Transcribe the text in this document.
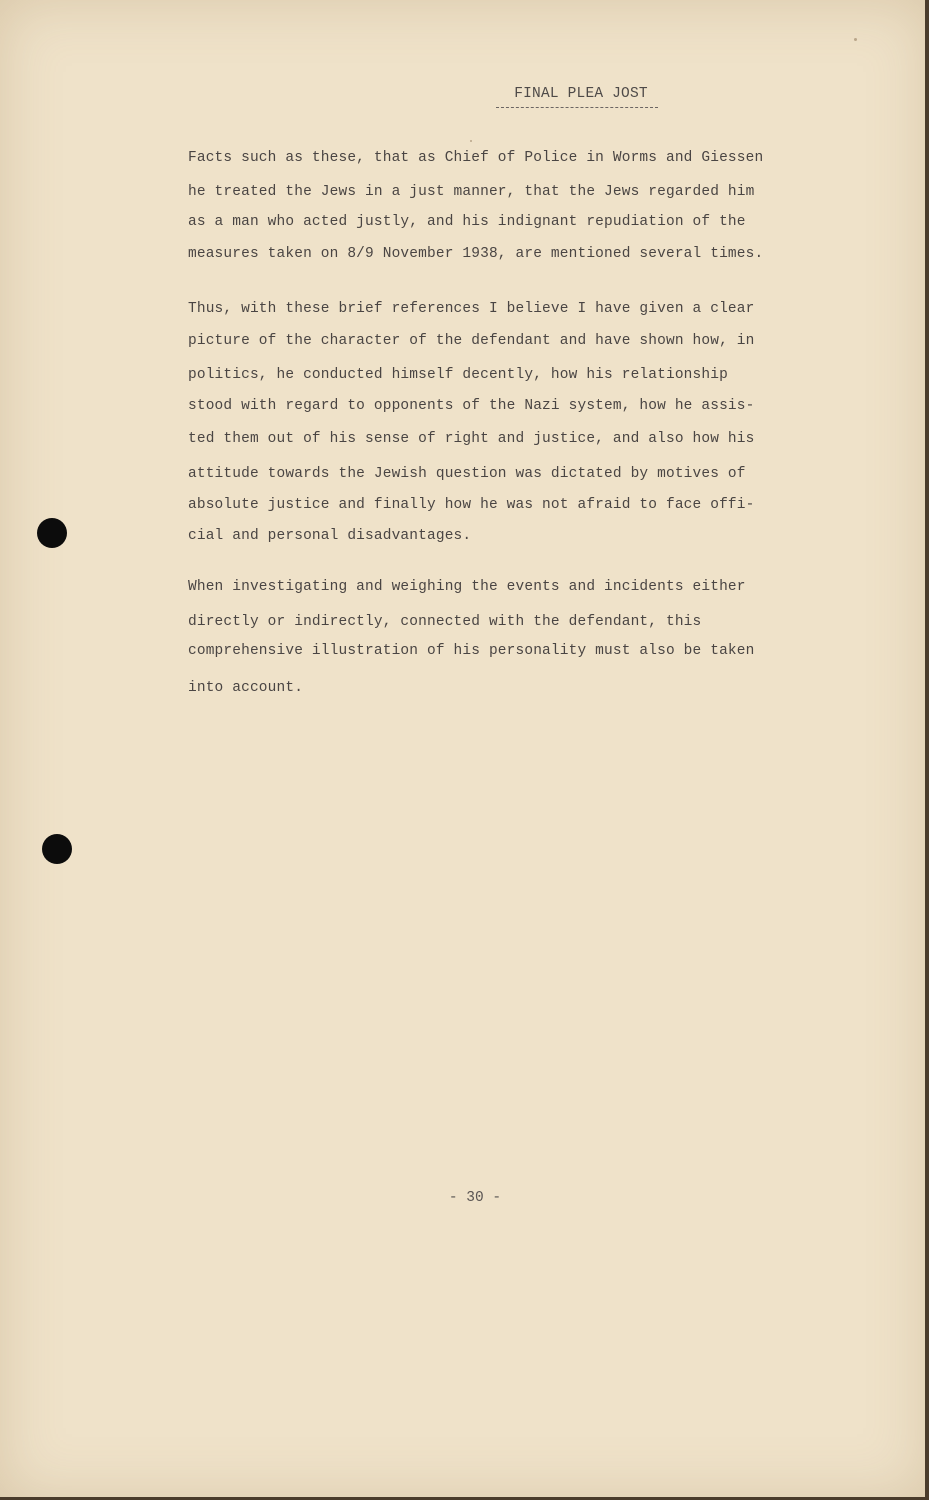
FINAL PLEA JOST
Facts such as these, that as Chief of Police in Worms and Giessen
he treated the Jews in a just manner, that the Jews regarded him
as a man who acted justly, and his indignant repudiation of the
measures taken on 8/9 November 1938, are mentioned several times.
Thus, with these brief references I believe I have given a clear
picture of the character of the defendant and have shown how, in
politics, he conducted himself decently, how his relationship
stood with regard to opponents of the Nazi system, how he assis-
ted them out of his sense of right and justice, and also how his
attitude towards the Jewish question was dictated by motives of
absolute justice and finally how he was not afraid to face offi-
cial and personal disadvantages.
When investigating and weighing the events and incidents either
directly or indirectly, connected with the defendant, this
comprehensive illustration of his personality must also be taken
into account.
- 30 -
